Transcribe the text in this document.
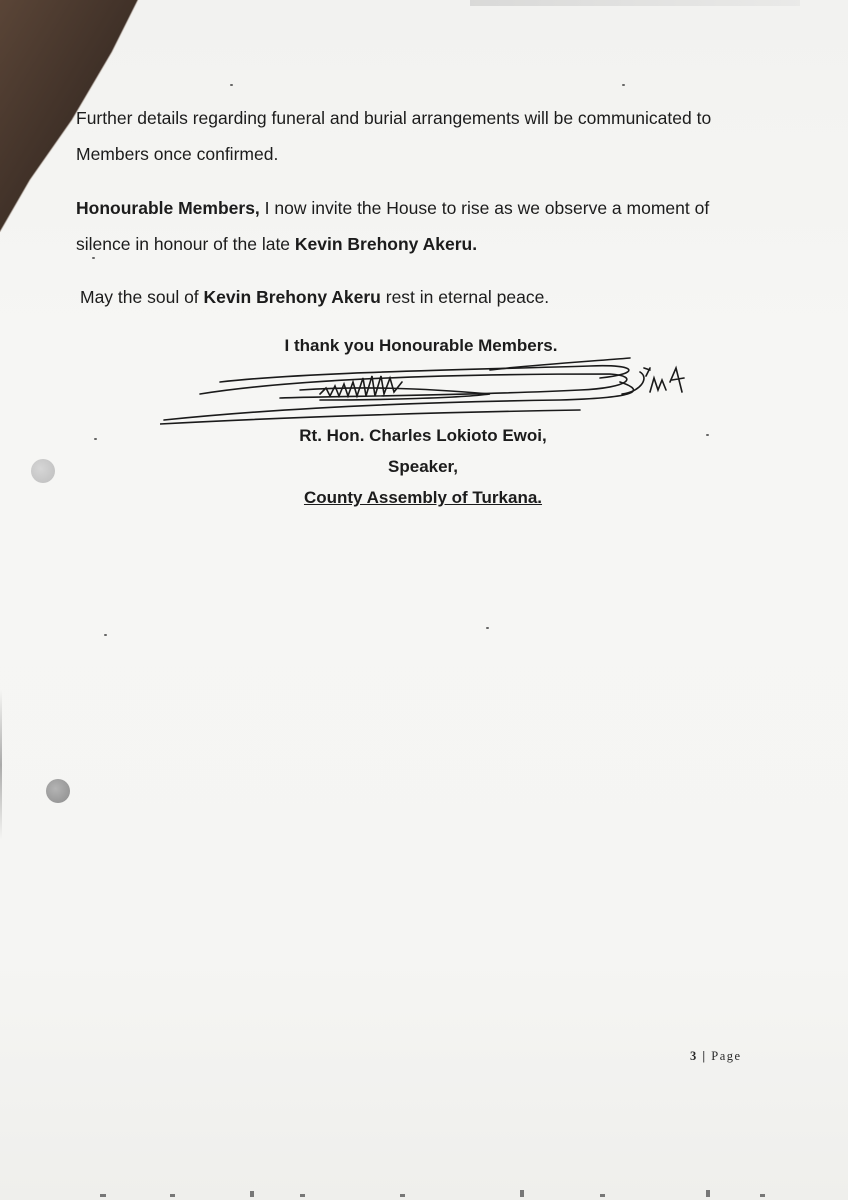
Further details regarding funeral and burial arrangements will be communicated to Members once confirmed.

Honourable Members, I now invite the House to rise as we observe a moment of silence in honour of the late Kevin Brehony Akeru.

May the soul of Kevin Brehony Akeru rest in eternal peace.

I thank you Honourable Members.

Rt. Hon. Charles Lokioto Ewoi,

Speaker,

County Assembly of Turkana.

3 | Page
